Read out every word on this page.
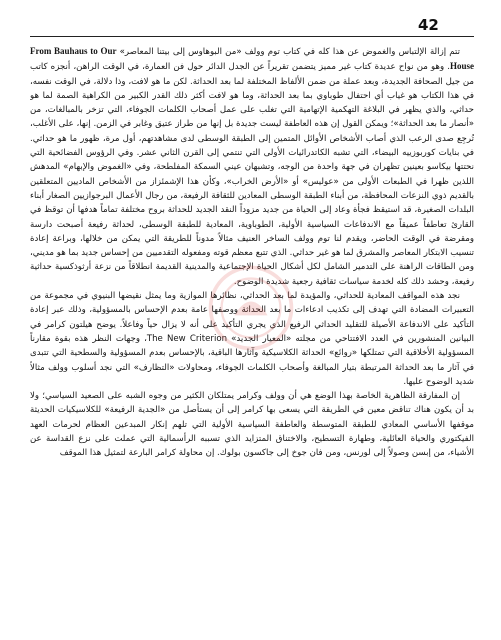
42

تتم إزالة الإلتباس والغموض عن هذا كله في كتاب توم وولف «من البوهاوس إلى بيتنا المعاصر» From Bauhaus to Our House. وهو من نواح عديدة كتاب غير مميز يتضمن تقريراً عن الجدل الدائر حول فن العمارة، في الوقت الراهن، أنجزه كاتب من جيل الصحافة الجديدة، وبعد عملة من ضمن الألفاظ المختلفة لما بعد الحداثة. لكن ما هو لافت، وذا دلالة، في الوقت نفسه، في هذا الكتاب هو غياب أي احتفال طوباوي بما بعد الحداثة، وما هو لافت أكثر ذلك القدر الكبير من الكراهية الصمة لما هو حداثي، والذي يظهر في البلاغة التهكمية الإتهامية التي تغلب على عمل أصحاب الكلمات الجوفاء، التي تزخر بالمبالغات، من «أنصار ما بعد الحداثة»؛ ويمكن القول إن هذه العاطفة ليست جديدة بل إنها من طراز عتيق وغابر في الزمن. إنها، على الأغلب، تُرجِع صدى الرعب الذي أصاب الأشخاص الأوائل المتمين إلى الطبقة الوسطى لدى مشاهدتهم، أول مرة، ظهور ما هو حداثي. في بنايات كوربوزييه البيضاء، التي تشبه الكاتدرائيات الأولى التي تنتمي إلى القرن الثاني عشر. وفي الرؤوس الفضائحية التي نحتتها بيكاسو بعينين تظهران في جهة واحدة من الوجه، وتشبهان عيني السمكة المفلطحة، وفي «الغموض والإبهام» المدهش اللذين ظهرا في الطبعات الأولى من «عوليس» أو «الأرض الخراب»، وكأن هذا الإشمئزاز من الأشخاص الماديين المتعلقين بالقديم ذوي النزعات المحافظة، من أبناء الطبقة الوسطى المعادين للثقافة الرفيعة، من رجال الأعمال البرجوازيين الصغار أبناء البلدات الصغيرة، قد استيقظ فجأة وعاد إلى الحياة من جديد مزوداً النقد الجديد للحداثة بروح مختلفة تماماً هدفها أن توقظ في القارئ تعاطفاً عميقاً مع الاندفاعات السياسية الأولية، الطوباوية، المعادية للطبقة الوسطى، لحداثة رفيعة أصبحت دارسة ومقرضة في الوقت الحاضر، ويقدم لنا توم وولف الساخر العنيف مثالاً مدوناً للطريقة التي يمكن من خلالها، وبراعة إعادة تنسيب الابتكار المعاصر والمشرق لما هو غير حداثي. الذي تتبع معظم قوته ومفعوله التقدميين من إحساس جديد بما هو مديني، ومن الطاقات الراهنة على التدمير الشامل لكل أشكال الحياة الإجتماعية والمدينية القديمة انطلاقاً من نزعة أرثوذكسية حداثية رفيعة، وحشد ذلك كله لخدمة سياسات ثقافية رجعية شديدة الوضوح.

نجد هذه المواقف المعادية للحداثي، والمؤيدة لما بعد الحداثي، نظائرها الموازية وما يمثل نقيضها البنيوي في مجموعة من التعبيرات المضادة التي تهدف إلى تكذيب ادعاءات ما بعد الحداثة ووصفها عامة بعدم الإحساس بالمسؤولية، وذلك عبر إعادة التأكيد على الاندفاعة الأصيلة للتقليد الحداثي الرفيع الذي يجري التأكيد على أنه لا يزال حياً وفاعلاً. يوضح هيلتون كرامر في البيانين المنشورين في العدد الافتتاحي من مجلته «المعيار الجديد» The New Criterion، وجهات النظر هذه بقوة مقارناً المسؤولية الأخلاقية التي تمتلكها «روائع» الحداثة الكلاسيكية وآثارها الباقية، بالإحساس بعدم المسؤولية والسطحية التي تتبدى في آثار ما بعد الحداثة المرتبطة بتيار المبالغة وأصحاب الكلمات الجوفاء، ومحاولات «التظارف» التي نجد أسلوب وولف مثالاً شديد الوضوح عليها.

إن المفارقة الظاهرية الخاصة بهذا الوضع هي أن وولف وكرامر يمتلكان الكثير من وجوه الشبه على الصعيد السياسي؛ ولا بد أن يكون هناك تناقض معين في الطريقة التي يسعى بها كرامر إلى أن يستأصل من «الجدية الرفيعة» للكلاسيكيات الحديثة موقفها الأساسي المعادي للطبقة المتوسطة والعاطفة السياسية الأولية التي تلهم إنكار المبدعين العظام لحرمات العهد الفيكتوري والحياة العائلية، وطهارة التسطيح، والاختناق المتزايد الذي تسببه الرأسمالية التي عملت على نزع القداسة عن الأشياء، من إبسن وصولاً إلى لورنس، ومن فان جوخ إلى جاكسون بولوك. إن محاولة كرامر البارعة لتمثيل هذا الموقف
